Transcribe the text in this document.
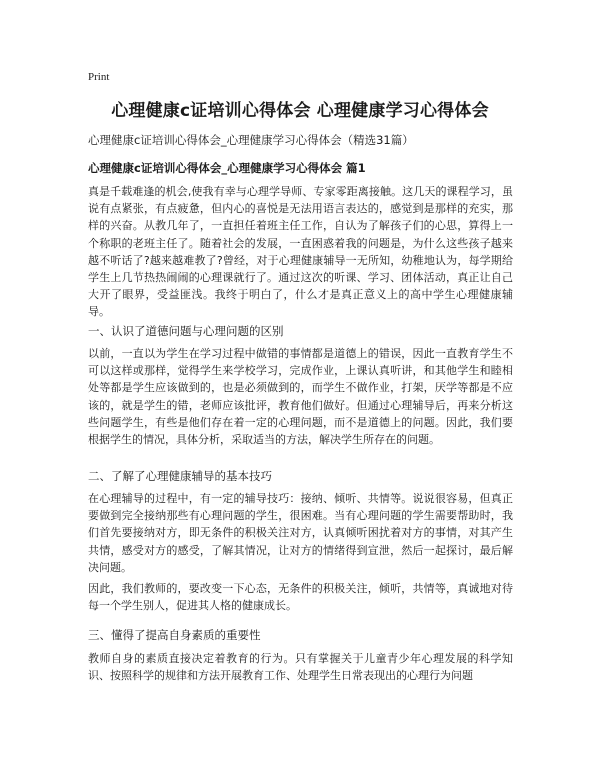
Print
心理健康c证培训心得体会 心理健康学习心得体会
心理健康c证培训心得体会_心理健康学习心得体会（精选31篇）
心理健康c证培训心得体会_心理健康学习心得体会 篇1

真是千载难逢的机会,使我有幸与心理学导师、专家零距离接触。这几天的课程学习，虽说有点紧张，有点疲惫，但内心的喜悦是无法用语言表达的，感觉到是那样的充实，那样的兴奋。从教几年了，一直担任着班主任工作，自认为了解孩子们的心思，算得上一个称职的老班主任了。随着社会的发展，一直困惑着我的问题是，为什么这些孩子越来越不听话了?越来越难教了?曾经，对于心理健康辅导一无所知，幼稚地认为，每学期给学生上几节热热闹闹的心理课就行了。通过这次的听课、学习、团体活动，真正让自己大开了眼界，受益匪浅。我终于明白了，什么才是真正意义上的高中学生心理健康辅导。

一、认识了道德问题与心理问题的区别

以前，一直以为学生在学习过程中做错的事情都是道德上的错误，因此一直教育学生不可以这样或那样，觉得学生来学校学习，完成作业，上课认真听讲，和其他学生和睦相处等都是学生应该做到的，也是必须做到的，而学生不做作业，打架，厌学等都是不应该的，就是学生的错，老师应该批评，教育他们做好。但通过心理辅导后，再来分析这些问题学生，有些是他们存在着一定的心理问题，而不是道德上的问题。因此，我们要根据学生的情况，具体分析，采取适当的方法，解决学生所存在的问题。

二、了解了心理健康辅导的基本技巧

在心理辅导的过程中，有一定的辅导技巧：接纳、倾听、共情等。说说很容易，但真正要做到完全接纳那些有心理问题的学生，很困难。当有心理问题的学生需要帮助时，我们首先要接纳对方，即无条件的积极关注对方，认真倾听困扰着对方的事情，对其产生共情，感受对方的感受，了解其情况，让对方的情绪得到宣泄，然后一起探讨，最后解决问题。

因此，我们教师的，要改变一下心态，无条件的积极关注，倾听，共情等，真诚地对待每一个学生别人，促进其人格的健康成长。

三、懂得了提高自身素质的重要性

教师自身的素质直接决定着教育的行为。只有掌握关于儿童青少年心理发展的科学知识、按照科学的规律和方法开展教育工作、处理学生日常表现出的心理行为问题
